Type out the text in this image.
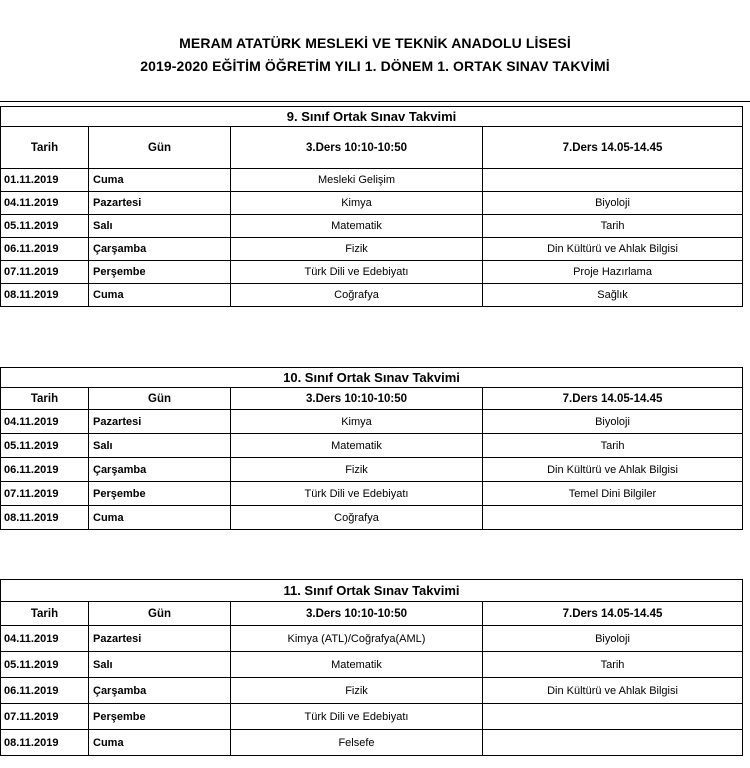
MERAM ATATÜRK MESLEKİ VE TEKNİK ANADOLU LİSESİ
2019-2020 EĞİTİM ÖĞRETİM YILI 1. DÖNEM 1. ORTAK SINAV TAKVİMİ
9. Sınıf Ortak Sınav Takvimi			
Tarih	Gün	3.Ders 10:10-10:50	7.Ders 14.05-14.45
01.11.2019	Cuma	Mesleki Gelişim	
04.11.2019	Pazartesi	Kimya	Biyoloji
05.11.2019	Salı	Matematik	Tarih
06.11.2019	Çarşamba	Fizik	Din Kültürü ve Ahlak Bilgisi
07.11.2019	Perşembe	Türk Dili ve Edebiyatı	Proje Hazırlama
08.11.2019	Cuma	Coğrafya	Sağlık
10. Sınıf Ortak Sınav Takvimi			
Tarih	Gün	3.Ders 10:10-10:50	7.Ders 14.05-14.45
04.11.2019	Pazartesi	Kimya	Biyoloji
05.11.2019	Salı	Matematik	Tarih
06.11.2019	Çarşamba	Fizik	Din Kültürü ve Ahlak Bilgisi
07.11.2019	Perşembe	Türk Dili ve Edebiyatı	Temel Dini Bilgiler
08.11.2019	Cuma	Coğrafya	
11. Sınıf Ortak Sınav Takvimi			
Tarih	Gün	3.Ders 10:10-10:50	7.Ders 14.05-14.45
04.11.2019	Pazartesi	Kimya (ATL)/Coğrafya(AML)	Biyoloji
05.11.2019	Salı	Matematik	Tarih
06.11.2019	Çarşamba	Fizik	Din Kültürü ve Ahlak Bilgisi
07.11.2019	Perşembe	Türk Dili ve Edebiyatı	
08.11.2019	Cuma	Felsefe	
